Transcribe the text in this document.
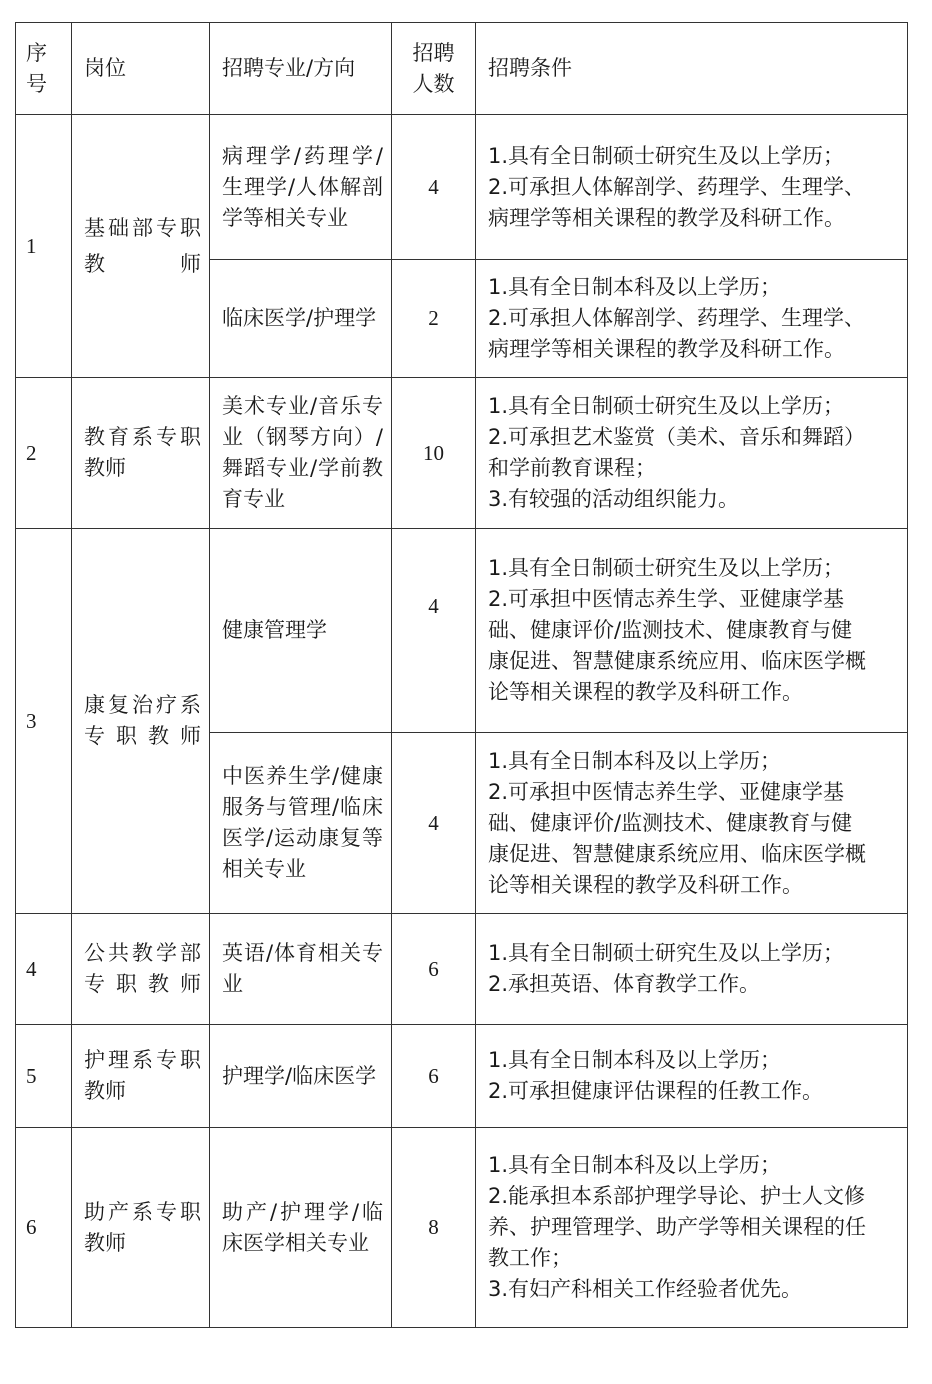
序号	岗位	招聘专业/方向	招聘人数	招聘条件
1	基础部专职教师	病理学/药理学/生理学/人体解剖学等相关专业	4	1.具有全日制硕士研究生及以上学历；
2.可承担人体解剖学、药理学、生理学、
病理学等相关课程的教学及科研工作。

		临床医学/护理学	2	1.具有全日制本科及以上学历；
2.可承担人体解剖学、药理学、生理学、
病理学等相关课程的教学及科研工作。

2	教育系专职教师	美术专业/音乐专业（钢琴方向）/舞蹈专业/学前教育专业	10	1.具有全日制硕士研究生及以上学历；
2.可承担艺术鉴赏（美术、音乐和舞蹈）
和学前教育课程；
3.有较强的活动组织能力。

3	康复治疗系专职教师	健康管理学	4	1.具有全日制硕士研究生及以上学历；
2.可承担中医情志养生学、亚健康学基
础、健康评价/监测技术、健康教育与健
康促进、智慧健康系统应用、临床医学概
论等相关课程的教学及科研工作。

		中医养生学/健康服务与管理/临床医学/运动康复等相关专业	4	1.具有全日制本科及以上学历；
2.可承担中医情志养生学、亚健康学基
础、健康评价/监测技术、健康教育与健
康促进、智慧健康系统应用、临床医学概
论等相关课程的教学及科研工作。

4	公共教学部专职教师	英语/体育相关专业	6	1.具有全日制硕士研究生及以上学历；
2.承担英语、体育教学工作。

5	护理系专职教师	护理学/临床医学	6	1.具有全日制本科及以上学历；
2.可承担健康评估课程的任教工作。

6	助产系专职教师	助产/护理学/临床医学相关专业	8	1.具有全日制本科及以上学历；
2.能承担本系部护理学导论、护士人文修
养、护理管理学、助产学等相关课程的任
教工作；
3.有妇产科相关工作经验者优先。
